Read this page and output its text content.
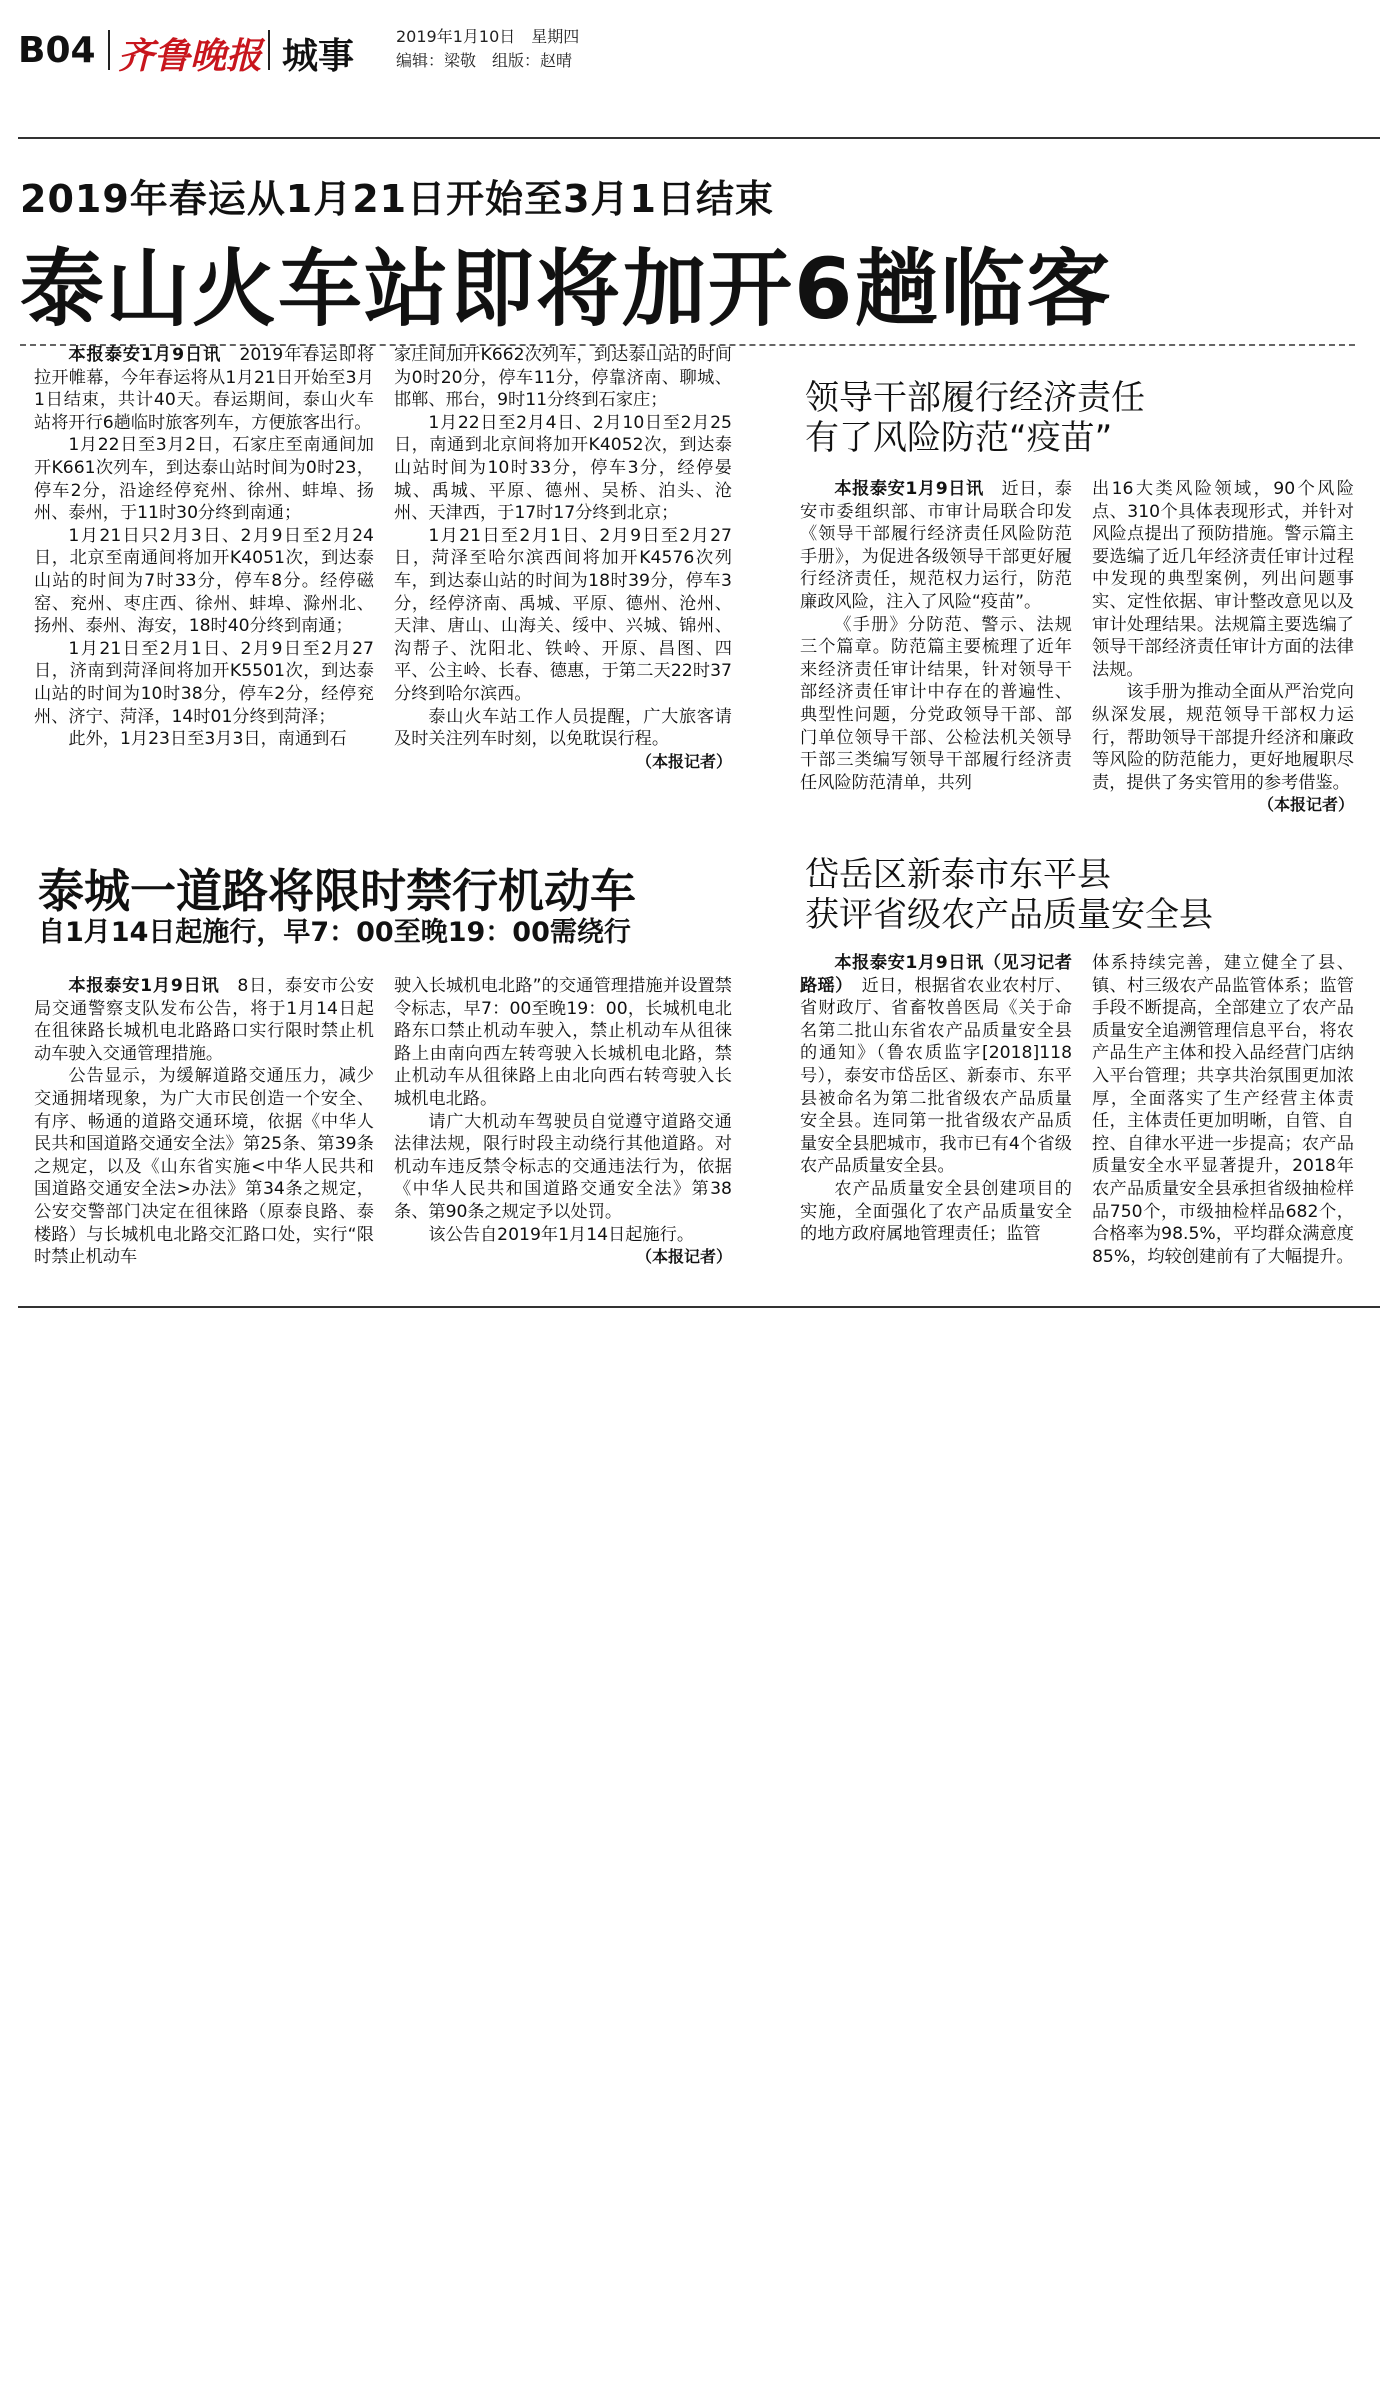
B04 齐鲁晚报 城事	2019年1月10日　星期四
编辑：梁敬　组版：赵晴
2019年春运从1月21日开始至3月1日结束
泰山火车站即将加开6趟临客

本报泰安1月9日讯　2019年春运即将拉开帷幕，今年春运将从1月21日开始至3月1日结束，共计40天。春运期间，泰山火车站将开行6趟临时旅客列车，方便旅客出行。

1月22日至3月2日，石家庄至南通间加开K661次列车，到达泰山站时间为0时23，停车2分，沿途经停兖州、徐州、蚌埠、扬州、泰州，于11时30分终到南通；

1月21日只2月3日、2月9日至2月24日，北京至南通间将加开K4051次，到达泰山站的时间为7时33分，停车8分。经停磁窑、兖州、枣庄西、徐州、蚌埠、滁州北、扬州、泰州、海安，18时40分终到南通；

1月21日至2月1日、2月9日至2月27日，济南到菏泽间将加开K5501次，到达泰山站的时间为10时38分，停车2分，经停兖州、济宁、菏泽，14时01分终到菏泽；

此外，1月23日至3月3日，南通到石

家庄间加开K662次列车，到达泰山站的时间为0时20分，停车11分，停靠济南、聊城、邯郸、邢台，9时11分终到石家庄；

1月22日至2月4日、2月10日至2月25日，南通到北京间将加开K4052次，到达泰山站时间为10时33分，停车3分，经停晏城、禹城、平原、德州、吴桥、泊头、沧州、天津西，于17时17分终到北京；

1月21日至2月1日、2月9日至2月27日，菏泽至哈尔滨西间将加开K4576次列车，到达泰山站的时间为18时39分，停车3分，经停济南、禹城、平原、德州、沧州、天津、唐山、山海关、绥中、兴城、锦州、沟帮子、沈阳北、铁岭、开原、昌图、四平、公主岭、长春、德惠，于第二天22时37分终到哈尔滨西。

泰山火车站工作人员提醒，广大旅客请及时关注列车时刻，以免耽误行程。

（本报记者）
领导干部履行经济责任
有了风险防范“疫苗”

本报泰安1月9日讯　近日，泰安市委组织部、市审计局联合印发《领导干部履行经济责任风险防范手册》，为促进各级领导干部更好履行经济责任，规范权力运行，防范廉政风险，注入了风险“疫苗”。

《手册》分防范、警示、法规三个篇章。防范篇主要梳理了近年来经济责任审计结果，针对领导干部经济责任审计中存在的普遍性、典型性问题，分党政领导干部、部门单位领导干部、公检法机关领导干部三类编写领导干部履行经济责任风险防范清单，共列

出16大类风险领域，90个风险点、310个具体表现形式，并针对风险点提出了预防措施。警示篇主要选编了近几年经济责任审计过程中发现的典型案例，列出问题事实、定性依据、审计整改意见以及审计处理结果。法规篇主要选编了领导干部经济责任审计方面的法律法规。

该手册为推动全面从严治党向纵深发展，规范领导干部权力运行，帮助领导干部提升经济和廉政等风险的防范能力，更好地履职尽责，提供了务实管用的参考借鉴。

（本报记者）
泰城一道路将限时禁行机动车
自1月14日起施行，早7：00至晚19：00需绕行

本报泰安1月9日讯　8日，泰安市公安局交通警察支队发布公告，将于1月14日起在徂徕路长城机电北路路口实行限时禁止机动车驶入交通管理措施。

公告显示，为缓解道路交通压力，减少交通拥堵现象，为广大市民创造一个安全、有序、畅通的道路交通环境，依据《中华人民共和国道路交通安全法》第25条、第39条之规定，以及《山东省实施<中华人民共和国道路交通安全法>办法》第34条之规定，公安交警部门决定在徂徕路（原泰良路、泰楼路）与长城机电北路交汇路口处，实行“限时禁止机动车

驶入长城机电北路”的交通管理措施并设置禁令标志，早7：00至晚19：00，长城机电北路东口禁止机动车驶入，禁止机动车从徂徕路上由南向西左转弯驶入长城机电北路，禁止机动车从徂徕路上由北向西右转弯驶入长城机电北路。

请广大机动车驾驶员自觉遵守道路交通法律法规，限行时段主动绕行其他道路。对机动车违反禁令标志的交通违法行为，依据《中华人民共和国道路交通安全法》第38条、第90条之规定予以处罚。

该公告自2019年1月14日起施行。

（本报记者）
岱岳区新泰市东平县
获评省级农产品质量安全县

本报泰安1月9日讯（见习记者　路瑶）　近日，根据省农业农村厅、省财政厅、省畜牧兽医局《关于命名第二批山东省农产品质量安全县的通知》（鲁农质监字[2018]118号），泰安市岱岳区、新泰市、东平县被命名为第二批省级农产品质量安全县。连同第一批省级农产品质量安全县肥城市，我市已有4个省级农产品质量安全县。

农产品质量安全县创建项目的实施，全面强化了农产品质量安全的地方政府属地管理责任；监管

体系持续完善，建立健全了县、镇、村三级农产品监管体系；监管手段不断提高，全部建立了农产品质量安全追溯管理信息平台，将农产品生产主体和投入品经营门店纳入平台管理；共享共治氛围更加浓厚，全面落实了生产经营主体责任，主体责任更加明晰，自管、自控、自律水平进一步提高；农产品质量安全水平显著提升，2018年农产品质量安全县承担省级抽检样品750个，市级抽检样品682个，合格率为98.5%，平均群众满意度85%，均较创建前有了大幅提升。
